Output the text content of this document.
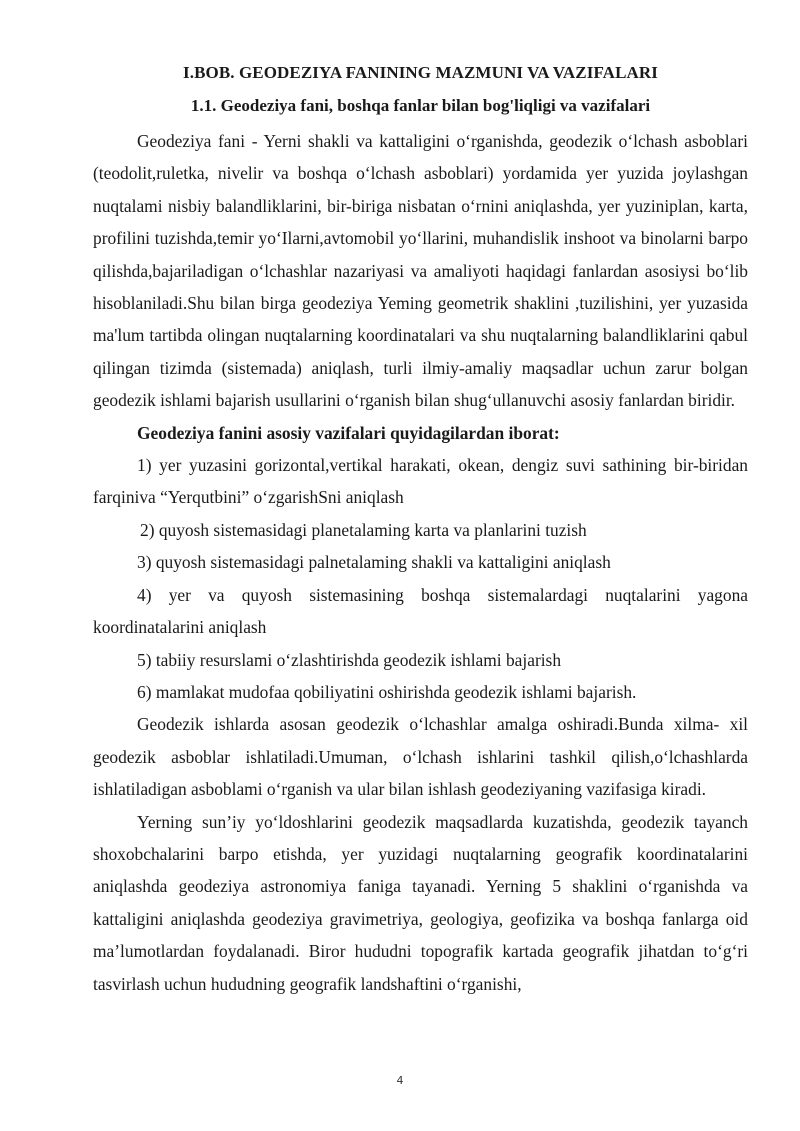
I.BOB. GEODEZIYA FANINING MAZMUNI VA VAZIFALARI
1.1. Geodeziya fani, boshqa fanlar bilan bog'liqligi va vazifalari

Geodeziya fani - Yerni shakli va kattaligini o‘rganishda, geodezik o‘lchash asboblari (teodolit,ruletka, nivelir va boshqa o‘lchash asboblari) yordamida yer yuzida joylashgan nuqtalami nisbiy balandliklarini, bir-biriga nisbatan o‘rnini aniqlashda, yer yuziniplan, karta, profilini tuzishda,temir yo‘Ilarni,avtomobil yo‘llarini, muhandislik inshoot va binolarni barpo qilishda,bajariladigan o‘lchashlar nazariyasi va amaliyoti haqidagi fanlardan asosiysi bo‘lib hisoblaniladi.Shu bilan birga geodeziya Yeming geometrik shaklini ,tuzilishini, yer yuzasida ma'lum tartibda olingan nuqtalarning koordinatalari va shu nuqtalarning balandliklarini qabul qilingan tizimda (sistemada) aniqlash, turli ilmiy-amaliy maqsadlar uchun zarur bolgan geodezik ishlami bajarish usullarini o‘rganish bilan shug‘ullanuvchi asosiy fanlardan biridir.

Geodeziya fanini asosiy vazifalari quyidagilardan iborat:

1) yer yuzasini gorizontal,vertikal harakati, okean, dengiz suvi sathining bir-biridan farqiniva “Yerqutbini” o‘zgarishSni aniqlash

2) quyosh sistemasidagi planetalaming karta va planlarini tuzish

3) quyosh sistemasidagi palnetalaming shakli va kattaligini aniqlash

4) yer va quyosh sistemasining boshqa sistemalardagi nuqtalarini yagona koordinatalarini aniqlash

5) tabiiy resurslami o‘zlashtirishda geodezik ishlami bajarish

6) mamlakat mudofaa qobiliyatini oshirishda geodezik ishlami bajarish.

Geodezik ishlarda asosan geodezik o‘lchashlar amalga oshiradi.Bunda xilma- xil geodezik asboblar ishlatiladi.Umuman, o‘lchash ishlarini tashkil qilish,o‘lchashlarda ishlatiladigan asboblami o‘rganish va ular bilan ishlash geodeziyaning vazifasiga kiradi.

Yerning sun’iy yo‘ldoshlarini geodezik maqsadlarda kuzatishda, geodezik tayanch shoxobchalarini barpo etishda, yer yuzidagi nuqtalarning geografik koordinatalarini aniqlashda geodeziya astronomiya faniga tayanadi. Yerning 5 shaklini o‘rganishda va kattaligini aniqlashda geodeziya gravimetriya, geologiya, geofizika va boshqa fanlarga oid ma’lumotlardan foydalanadi. Biror hududni topografik kartada geografik jihatdan to‘g‘ri tasvirlash uchun hududning geografik landshaftini o‘rganishi,

4
